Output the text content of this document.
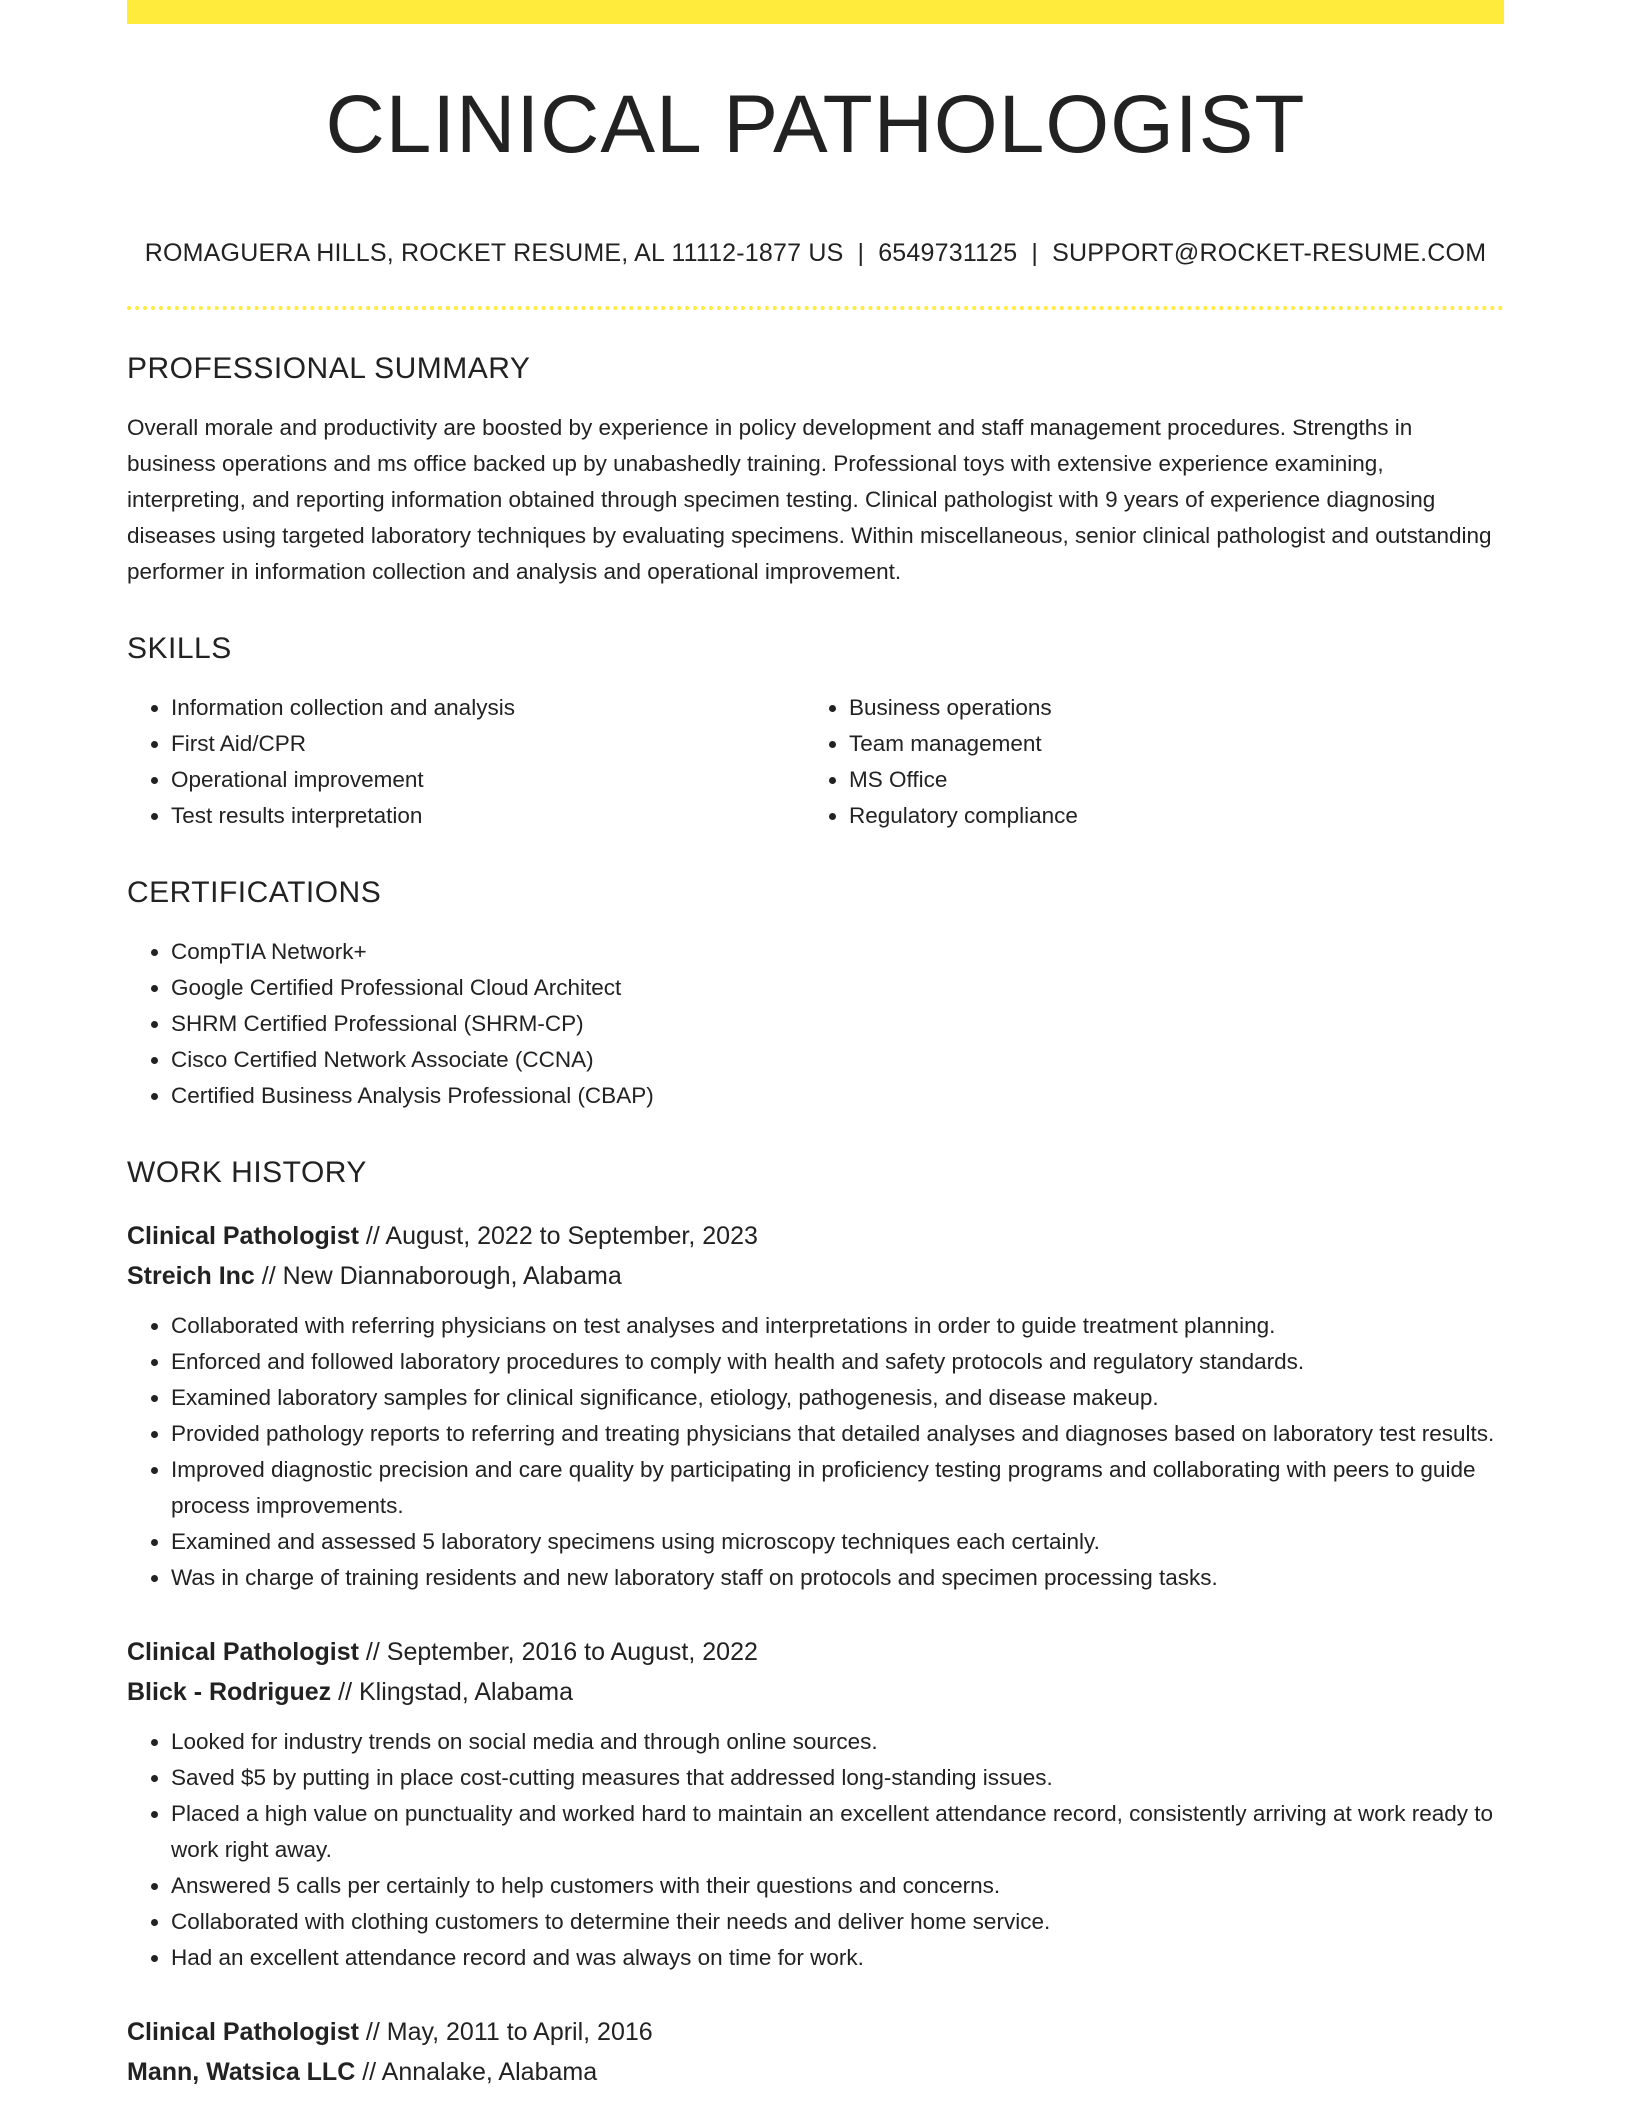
CLINICAL PATHOLOGIST
ROMAGUERA HILLS, ROCKET RESUME, AL 11112-1877 US | 6549731125 | SUPPORT@ROCKET-RESUME.COM
PROFESSIONAL SUMMARY

Overall morale and productivity are boosted by experience in policy development and staff management procedures. Strengths in business operations and ms office backed up by unabashedly training. Professional toys with extensive experience examining, interpreting, and reporting information obtained through specimen testing. Clinical pathologist with 9 years of experience diagnosing diseases using targeted laboratory techniques by evaluating specimens. Within miscellaneous, senior clinical pathologist and outstanding performer in information collection and analysis and operational improvement.

SKILLS
• Information collection and analysis
• First Aid/CPR
• Operational improvement
• Test results interpretation
• Business operations
• Team management
• MS Office
• Regulatory compliance
CERTIFICATIONS
• CompTIA Network+
• Google Certified Professional Cloud Architect
• SHRM Certified Professional (SHRM-CP)
• Cisco Certified Network Associate (CCNA)
• Certified Business Analysis Professional (CBAP)
WORK HISTORY
Clinical Pathologist // August, 2022 to September, 2023
Streich Inc // New Diannaborough, Alabama
• Collaborated with referring physicians on test analyses and interpretations in order to guide treatment planning.
• Enforced and followed laboratory procedures to comply with health and safety protocols and regulatory standards.
• Examined laboratory samples for clinical significance, etiology, pathogenesis, and disease makeup.
• Provided pathology reports to referring and treating physicians that detailed analyses and diagnoses based on laboratory test results.
• Improved diagnostic precision and care quality by participating in proficiency testing programs and collaborating with peers to guide process improvements.
• Examined and assessed 5 laboratory specimens using microscopy techniques each certainly.
• Was in charge of training residents and new laboratory staff on protocols and specimen processing tasks.
Clinical Pathologist // September, 2016 to August, 2022
Blick - Rodriguez // Klingstad, Alabama
• Looked for industry trends on social media and through online sources.
• Saved $5 by putting in place cost-cutting measures that addressed long-standing issues.
• Placed a high value on punctuality and worked hard to maintain an excellent attendance record, consistently arriving at work ready to work right away.
• Answered 5 calls per certainly to help customers with their questions and concerns.
• Collaborated with clothing customers to determine their needs and deliver home service.
• Had an excellent attendance record and was always on time for work.
Clinical Pathologist // May, 2011 to April, 2016
Mann, Watsica LLC // Annalake, Alabama
